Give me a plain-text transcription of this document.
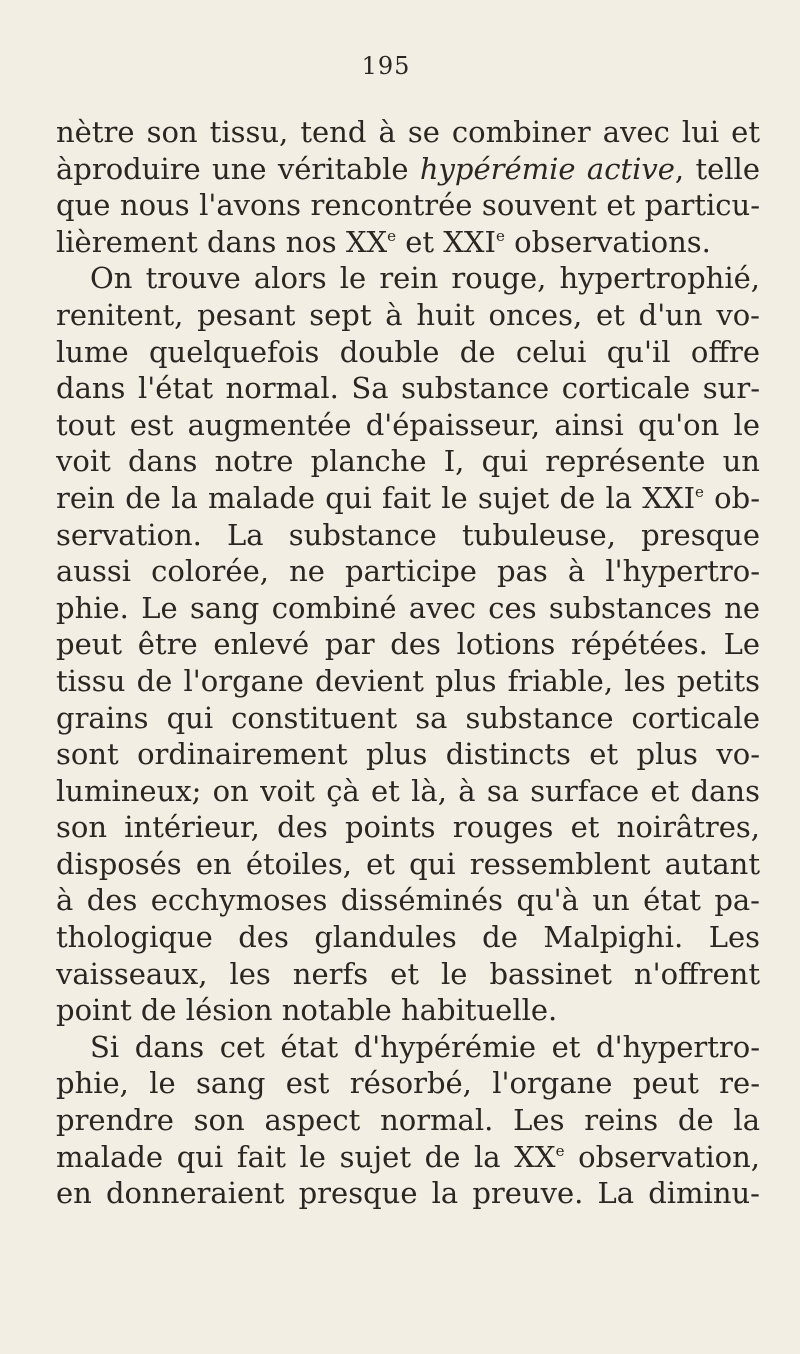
195
nètre son tissu, tend à se combiner avec lui et
àproduire une véritable hypérémie active, telle
que nous l'avons rencontrée souvent et particu-
lièrement dans nos XXe et XXIe observations.
On trouve alors le rein rouge, hypertrophié,
renitent, pesant sept à huit onces, et d'un vo-
lume quelquefois double de celui qu'il offre
dans l'état normal. Sa substance corticale sur-
tout est augmentée d'épaisseur, ainsi qu'on le
voit dans notre planche I, qui représente un
rein de la malade qui fait le sujet de la XXIe ob-
servation. La substance tubuleuse, presque
aussi colorée, ne participe pas à l'hypertro-
phie. Le sang combiné avec ces substances ne
peut être enlevé par des lotions répétées. Le
tissu de l'organe devient plus friable, les petits
grains qui constituent sa substance corticale
sont ordinairement plus distincts et plus vo-
lumineux; on voit çà et là, à sa surface et dans
son intérieur, des points rouges et noirâtres,
disposés en étoiles, et qui ressemblent autant
à des ecchymoses disséminés qu'à un état pa-
thologique des glandules de Malpighi. Les
vaisseaux, les nerfs et le bassinet n'offrent
point de lésion notable habituelle.
Si dans cet état d'hypérémie et d'hypertro-
phie, le sang est résorbé, l'organe peut re-
prendre son aspect normal. Les reins de la
malade qui fait le sujet de la XXe observation,
en donneraient presque la preuve. La diminu-
